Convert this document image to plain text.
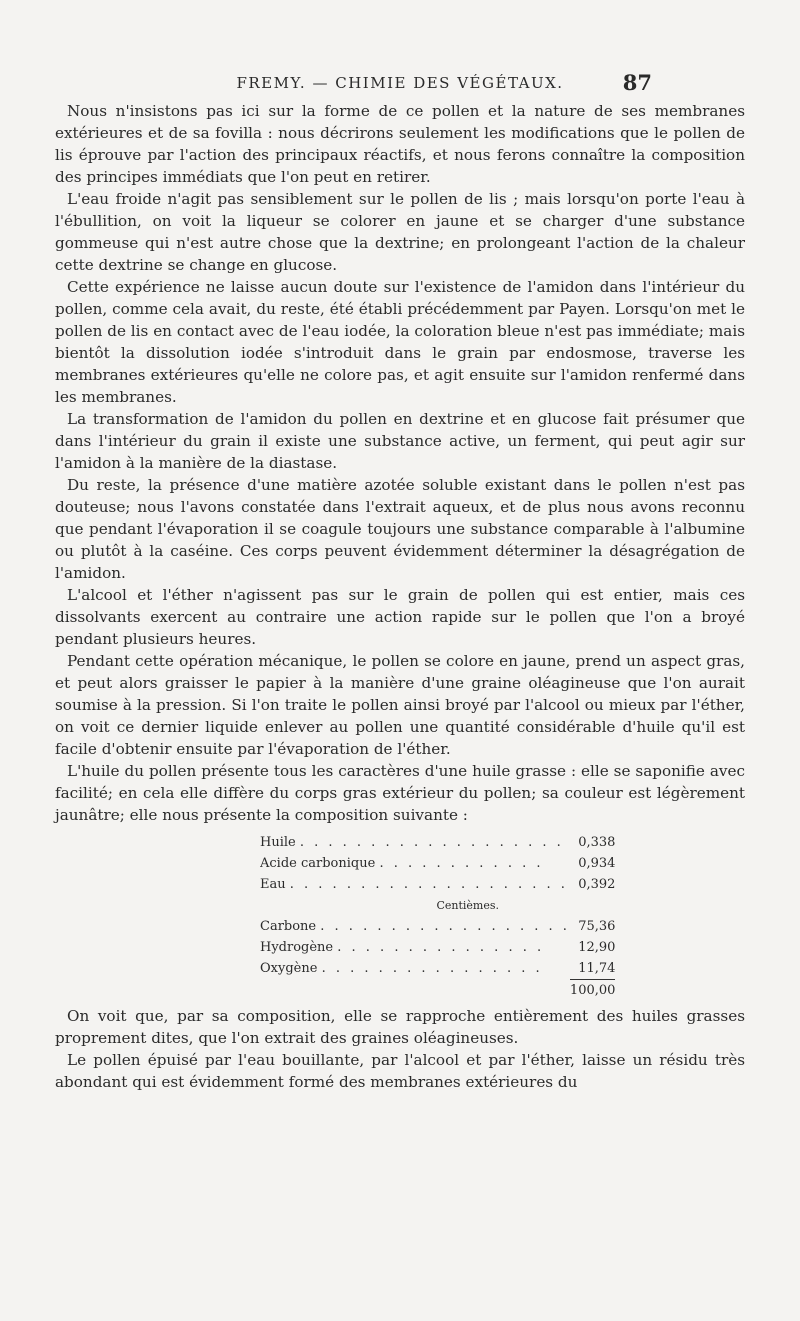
FREMY. — CHIMIE DES VÉGÉTAUX.	87

Nous n'insistons pas ici sur la forme de ce pollen et la nature de ses membranes extérieures et de sa fovilla : nous décrirons seulement les modifications que le pollen de lis éprouve par l'action des principaux réactifs, et nous ferons connaître la composition des principes immédiats que l'on peut en retirer.

L'eau froide n'agit pas sensiblement sur le pollen de lis ; mais lorsqu'on porte l'eau à l'ébullition, on voit la liqueur se colorer en jaune et se charger d'une substance gommeuse qui n'est autre chose que la dextrine; en prolongeant l'action de la chaleur cette dextrine se change en glucose.

Cette expérience ne laisse aucun doute sur l'existence de l'amidon dans l'intérieur du pollen, comme cela avait, du reste, été établi précédemment par Payen. Lorsqu'on met le pollen de lis en contact avec de l'eau iodée, la coloration bleue n'est pas immédiate; mais bientôt la dissolution iodée s'introduit dans le grain par endosmose, traverse les membranes extérieures qu'elle ne colore pas, et agit ensuite sur l'amidon renfermé dans les membranes.

La transformation de l'amidon du pollen en dextrine et en glucose fait présumer que dans l'intérieur du grain il existe une substance active, un ferment, qui peut agir sur l'amidon à la manière de la diastase.

Du reste, la présence d'une matière azotée soluble existant dans le pollen n'est pas douteuse; nous l'avons constatée dans l'extrait aqueux, et de plus nous avons reconnu que pendant l'évaporation il se coagule toujours une substance comparable à l'albumine ou plutôt à la caséine. Ces corps peuvent évidemment déterminer la désagrégation de l'amidon.

L'alcool et l'éther n'agissent pas sur le grain de pollen qui est entier, mais ces dissolvants exercent au contraire une action rapide sur le pollen que l'on a broyé pendant plusieurs heures.

Pendant cette opération mécanique, le pollen se colore en jaune, prend un aspect gras, et peut alors graisser le papier à la manière d'une graine oléagineuse que l'on aurait soumise à la pression. Si l'on traite le pollen ainsi broyé par l'alcool ou mieux par l'éther, on voit ce dernier liquide enlever au pollen une quantité considérable d'huile qu'il est facile d'obtenir ensuite par l'évaporation de l'éther.

L'huile du pollen présente tous les caractères d'une huile grasse : elle se saponifie avec facilité; en cela elle diffère du corps gras extérieur du pollen; sa couleur est légèrement jaunâtre; elle nous présente la composition suivante :

Huile . . . . . . . . . . . . . . . . . . .	0,338
Acide carbonique . . . . . . . . . . . .	0,934
Eau . . . . . . . . . . . . . . . . . . . .	0,392
Centièmes.	
Carbone . . . . . . . . . . . . . . . . . .	75,36
Hydrogène . . . . . . . . . . . . . . .	12,90
Oxygène . . . . . . . . . . . . . . . .	11,74
	100,00

On voit que, par sa composition, elle se rapproche entièrement des huiles grasses proprement dites, que l'on extrait des graines oléagineuses.

Le pollen épuisé par l'eau bouillante, par l'alcool et par l'éther, laisse un résidu très abondant qui est évidemment formé des membranes extérieures du
